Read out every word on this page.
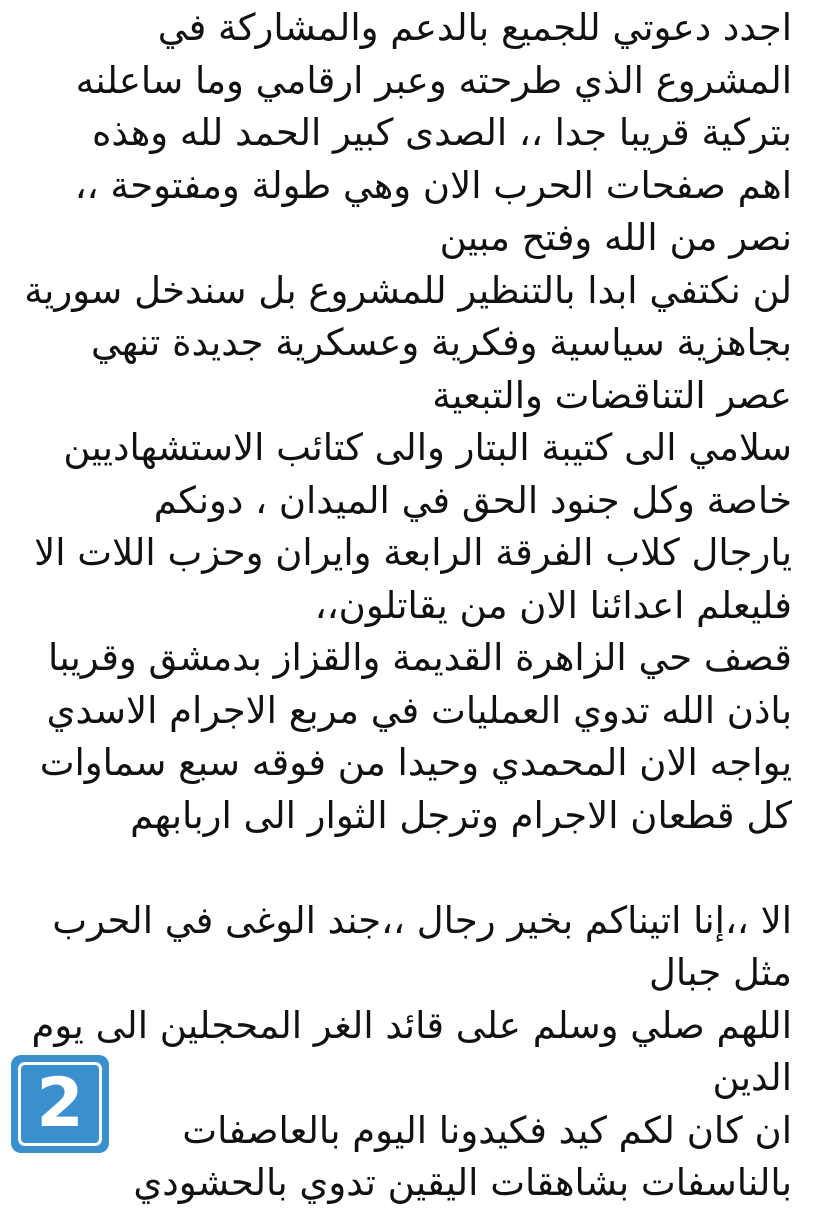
اجدد دعوتي للجميع بالدعم والمشاركة في
المشروع الذي طرحته وعبر ارقامي وما ساعلنه
بتركية قريبا جدا ،، الصدى كبير الحمد لله وهذه
اهم صفحات الحرب الان وهي طولة ومفتوحة ،،
نصر من الله وفتح مبين
لن نكتفي ابدا بالتنظير للمشروع بل سندخل سورية
بجاهزية سياسية وفكرية وعسكرية جديدة تنهي
عصر التناقضات والتبعية
سلامي الى كتيبة البتار والى كتائب الاستشهاديين
خاصة وكل جنود الحق في الميدان ، دونكم
يارجال كلاب الفرقة الرابعة وايران وحزب اللات الا
فليعلم اعدائنا الان من يقاتلون،،
قصف حي الزاهرة القديمة والقزاز بدمشق وقريبا
باذن الله تدوي العمليات في مربع الاجرام الاسدي
يواجه الان المحمدي وحيدا من فوقه سبع سماوات
كل قطعان الاجرام وترجل الثوار الى اربابهم
الا ،،إنا اتيناكم بخير رجال ،،جند الوغى في الحرب
مثل جبال
اللهم صلي وسلم على قائد الغر المحجلين الى يوم
الدين
ان كان لكم كيد فكيدونا اليوم بالعاصفات
بالناسفات بشاهقات اليقين تدوي بالحشودي
2
